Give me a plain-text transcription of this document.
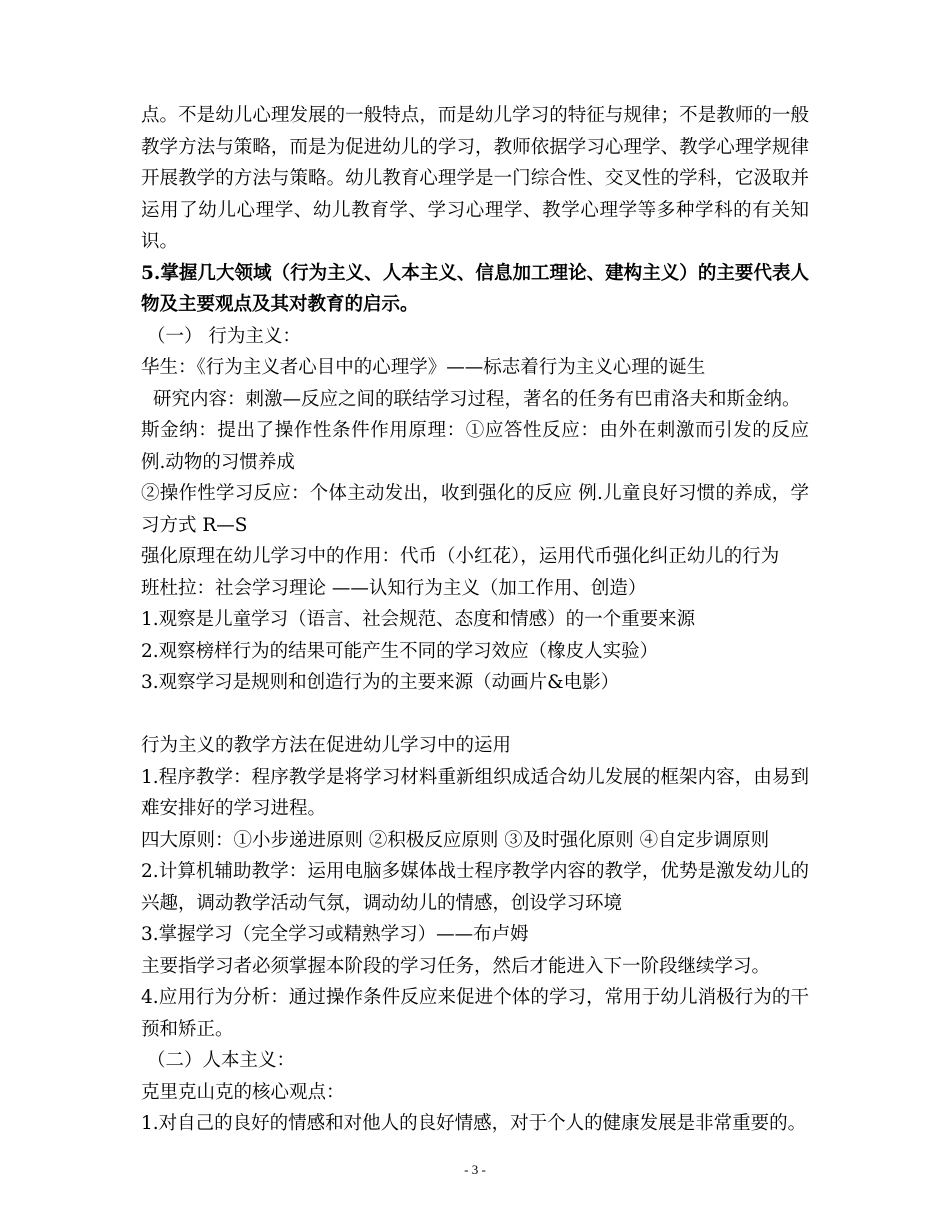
点。不是幼儿心理发展的一般特点，而是幼儿学习的特征与规律；不是教师的一般

教学方法与策略，而是为促进幼儿的学习，教师依据学习心理学、教学心理学规律

开展教学的方法与策略。幼儿教育心理学是一门综合性、交叉性的学科，它汲取并

运用了幼儿心理学、幼儿教育学、学习心理学、教学心理学等多种学科的有关知

识。

5.掌握几大领域（行为主义、人本主义、信息加工理论、建构主义）的主要代表人

物及主要观点及其对教育的启示。

（一） 行为主义：

华生：《行为主义者心目中的心理学》——标志着行为主义心理的诞生

研究内容：刺激—反应之间的联结学习过程，著名的任务有巴甫洛夫和斯金纳。

斯金纳：提出了操作性条件作用原理：①应答性反应：由外在刺激而引发的反应

例.动物的习惯养成

②操作性学习反应：个体主动发出，收到强化的反应 例.儿童良好习惯的养成，学

习方式 R—S

强化原理在幼儿学习中的作用：代币（小红花），运用代币强化纠正幼儿的行为

班杜拉：社会学习理论 ——认知行为主义（加工作用、创造）

1.观察是儿童学习（语言、社会规范、态度和情感）的一个重要来源

2.观察榜样行为的结果可能产生不同的学习效应（橡皮人实验）

3.观察学习是规则和创造行为的主要来源（动画片&电影）

行为主义的教学方法在促进幼儿学习中的运用

1.程序教学：程序教学是将学习材料重新组织成适合幼儿发展的框架内容，由易到

难安排好的学习进程。

四大原则：①小步递进原则 ②积极反应原则 ③及时强化原则 ④自定步调原则

2.计算机辅助教学：运用电脑多媒体战士程序教学内容的教学，优势是激发幼儿的

兴趣，调动教学活动气氛，调动幼儿的情感，创设学习环境

3.掌握学习（完全学习或精熟学习）——布卢姆

主要指学习者必须掌握本阶段的学习任务，然后才能进入下一阶段继续学习。

4.应用行为分析：通过操作条件反应来促进个体的学习，常用于幼儿消极行为的干

预和矫正。

（二）人本主义：

克里克山克的核心观点：

1.对自己的良好的情感和对他人的良好情感，对于个人的健康发展是非常重要的。

- 3 -
